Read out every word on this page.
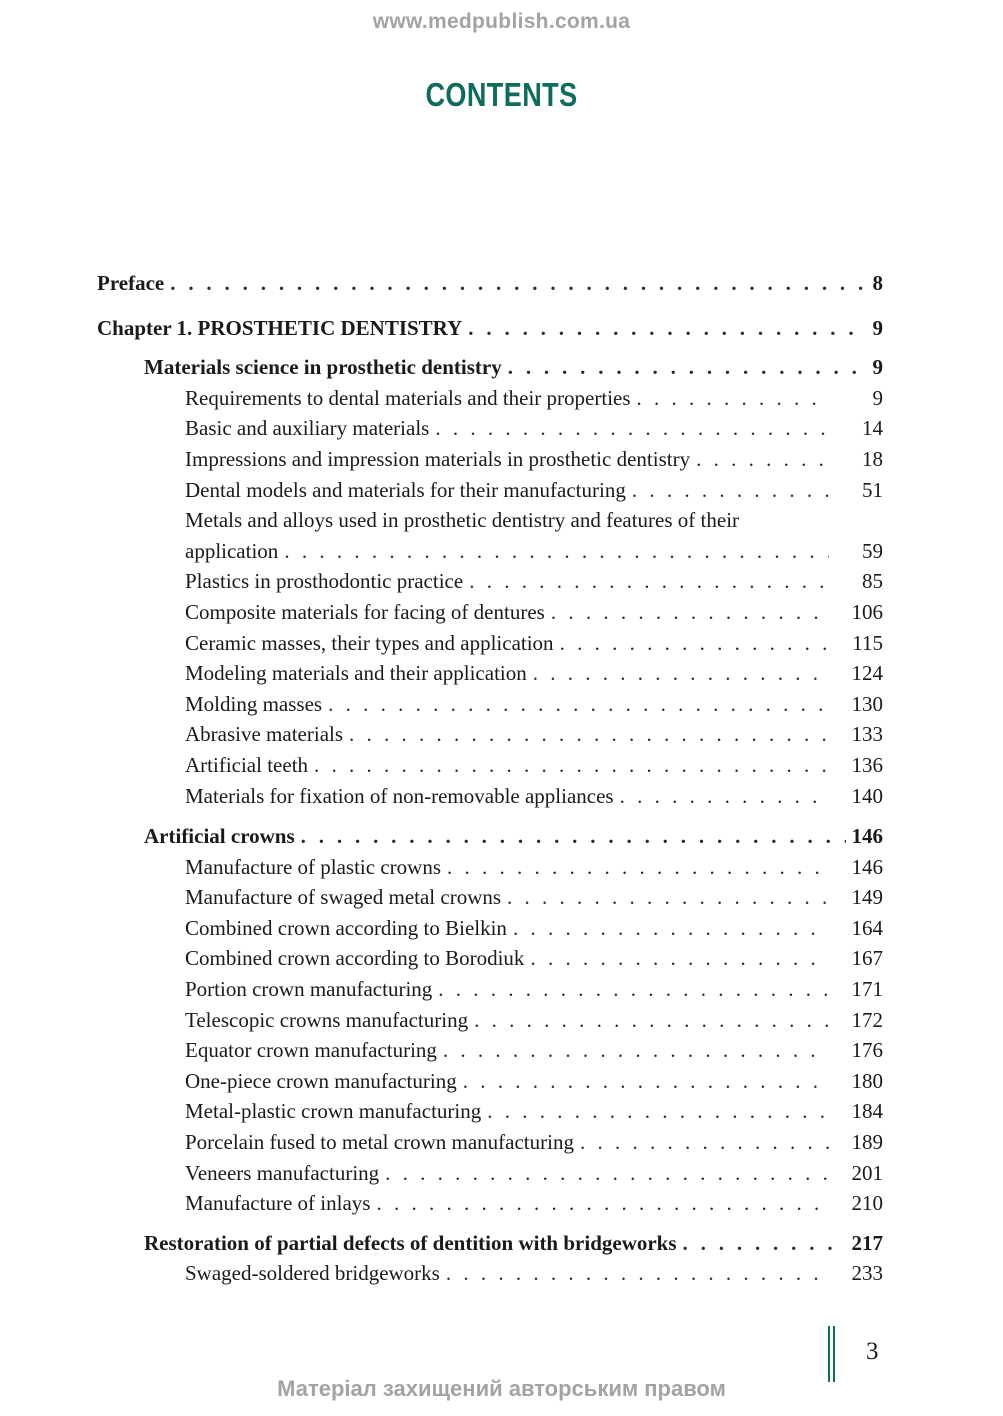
www.medpublish.com.ua
CONTENTS
Preface . . .	8
Chapter 1. PROSTHETIC DENTISTRY . . .	9
Materials science in prosthetic dentistry . . .	9
Requirements to dental materials and their properties . . .	9
Basic and auxiliary materials . . .	14
Impressions and impression materials in prosthetic dentistry . . .	18
Dental models and materials for their manufacturing . . .	51
Metals and alloys used in prosthetic dentistry and features of their
application . . .	59
Plastics in prosthodontic practice . . .	85
Composite materials for facing of dentures . . .	106
Ceramic masses, their types and application . . .	115
Modeling materials and their application . . .	124
Molding masses . . .	130
Abrasive materials . . .	133
Artificial teeth . . .	136
Materials for fixation of non-removable appliances . . .	140
Artificial crowns . . .	146
Manufacture of plastic crowns . . .	146
Manufacture of swaged metal crowns . . .	149
Combined crown according to Bielkin . . .	164
Combined crown according to Borodiuk . . .	167
Portion crown manufacturing . . .	171
Telescopic crowns manufacturing . . .	172
Equator crown manufacturing . . .	176
One-piece crown manufacturing . . .	180
Metal-plastic crown manufacturing . . .	184
Porcelain fused to metal crown manufacturing . . .	189
Veneers manufacturing . . .	201
Manufacture of inlays . . .	210
Restoration of partial defects of dentition with bridgeworks . . .	217
Swaged-soldered bridgeworks . . .	233
3
Матеріал захищений авторським правом
